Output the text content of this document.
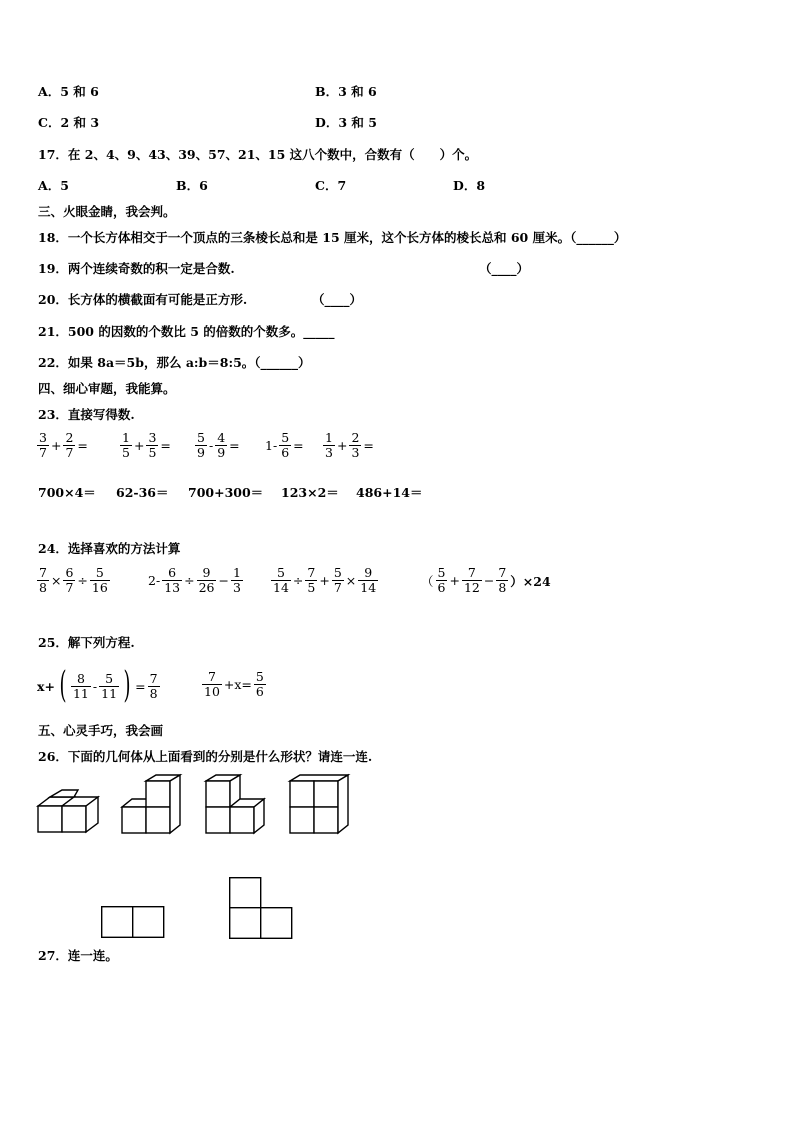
A．5 和 6	B．3 和 6
C．2 和 3	D．3 和 5
17．在 2、4、9、43、39、57、21、15 这八个数中，合数有（　　）个。
A．5	B．6	C．7	D．8
三、火眼金睛，我会判。
18．一个长方体相交于一个顶点的三条棱长总和是 15 厘米，这个长方体的棱长总和 60 厘米。（______）
19．两个连续奇数的积一定是合数.	（____）
20．长方体的横截面有可能是正方形.	（____）
21．500 的因数的个数比 5 的倍数的个数多。_____
22．如果 8a＝5b，那么 a:b＝8:5。（______）
四、细心审题，我能算。
23．直接写得数.
$\frac{3}{7} + \frac{2}{7}$ =	$\frac{1}{5} + \frac{3}{5} = \frac{5}{9} - \frac{4}{9} = 1- \frac{5}{6} = \frac{1}{3} + \frac{2}{3}$ =
700×4＝ 62-36＝ 700+300＝ 123×2＝ 486+14＝
24．选择喜欢的方法计算
$\frac{7}{8} \times \frac{6}{7} \div \frac{5}{16}$	$2- \frac{6}{13} \div \frac{9}{26} - \frac{1}{3} \frac{5}{14} \div \frac{7}{5} + \frac{5}{7} \times \frac{9}{14}$	（ $\frac{5}{6} + \frac{7}{12} - \frac{7}{8} )\times 24$
25．解下列方程.
x+ ( $\frac{8}{11} - \frac{5}{11}$ ) = $\frac{7}{8}$	$\frac{7}{10} +x= \frac{5}{6}$
五、心灵手巧，我会画
26．下面的几何体从上面看到的分别是什么形状？请连一连.
27．连一连。
